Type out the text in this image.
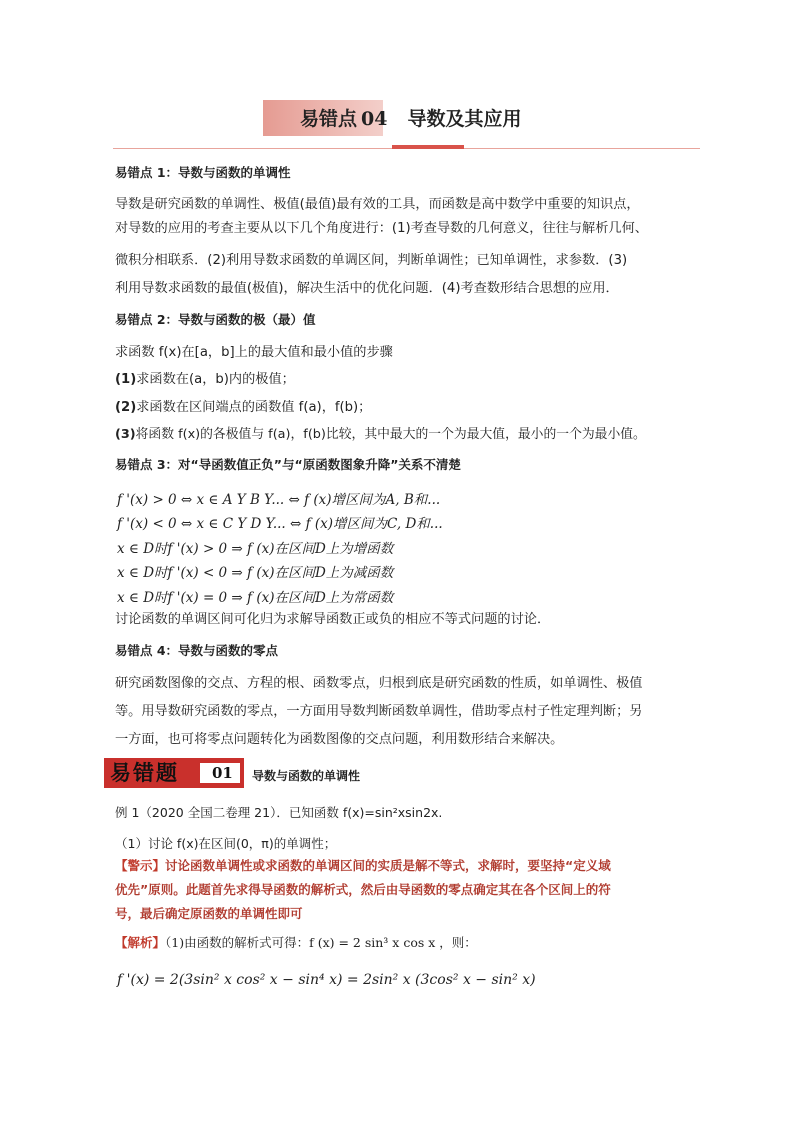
易错点 04 导数及其应用
易错点 1：导数与函数的单调性
导数是研究函数的单调性、极值(最值)最有效的工具，而函数是高中数学中重要的知识点，
对导数的应用的考查主要从以下几个角度进行：(1)考查导数的几何意义，往往与解析几何、
微积分相联系．(2)利用导数求函数的单调区间，判断单调性；已知单调性，求参数．(3)
利用导数求函数的最值(极值)，解决生活中的优化问题．(4)考查数形结合思想的应用．
易错点 2：导数与函数的极（最）值
求函数 f(x)在[a，b]上的最大值和最小值的步骤
(1)求函数在(a，b)内的极值；
(2)求函数在区间端点的函数值 f(a)，f(b)；
(3)将函数 f(x)的各极值与 f(a)，f(b)比较，其中最大的一个为最大值，最小的一个为最小值。
易错点 3：对“导函数值正负”与“原函数图象升降”关系不清楚
f '(x) > 0 ⇔ x ∈ A Y B Y... ⇔ f (x)增区间为A, B和...
f '(x) < 0 ⇔ x ∈ C Y D Y... ⇔ f (x)增区间为C, D和...
x ∈ D时f '(x) > 0 ⇒ f (x)在区间D上为增函数
x ∈ D时f '(x) < 0 ⇒ f (x)在区间D上为减函数
x ∈ D时f '(x) = 0 ⇒ f (x)在区间D上为常函数
讨论函数的单调区间可化归为求解导函数正或负的相应不等式问题的讨论．
易错点 4：导数与函数的零点
研究函数图像的交点、方程的根、函数零点，归根到底是研究函数的性质，如单调性、极值
等。用导数研究函数的零点，一方面用导数判断函数单调性，借助零点村子性定理判断；另
一方面，也可将零点问题转化为函数图像的交点问题，利用数形结合来解决。
易错题 01 导数与函数的单调性
例 1（2020 全国二卷理 21）．已知函数 f(x)=sin²xsin2x.
（1）讨论 f(x)在区间(0，π)的单调性；
【警示】讨论函数单调性或求函数的单调区间的实质是解不等式，求解时，要坚持“定义域
优先”原则。此题首先求得导函数的解析式，然后由导函数的零点确定其在各个区间上的符
号，最后确定原函数的单调性即可
【解析】（1)由函数的解析式可得：f (x) = 2 sin³ x cos x ，则：
f '(x) = 2(3sin² x cos² x − sin⁴ x) = 2sin² x (3cos² x − sin² x)
